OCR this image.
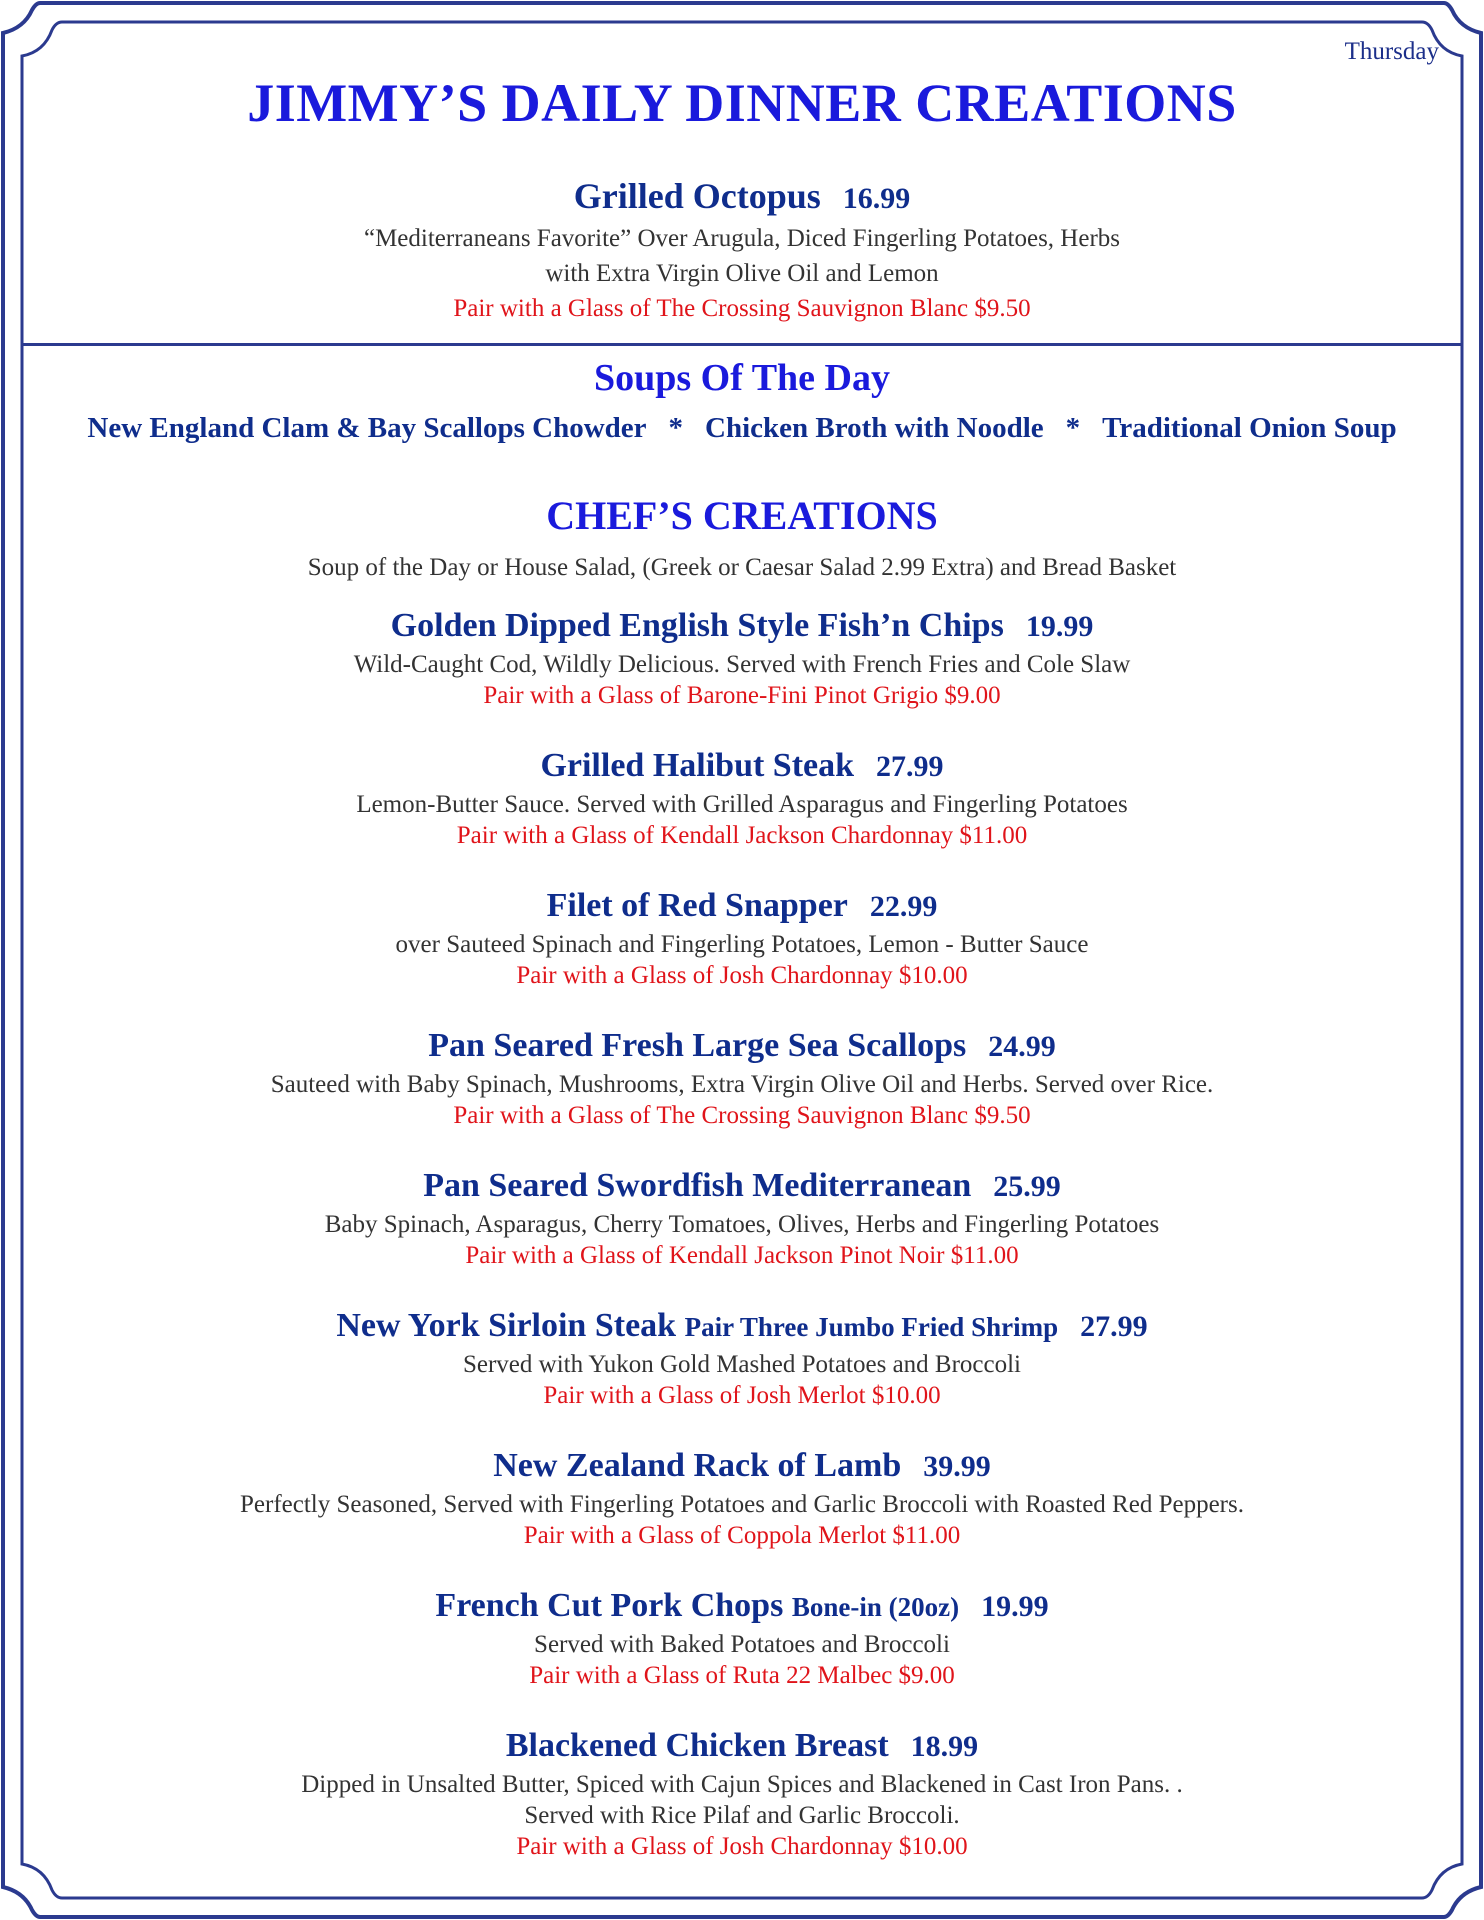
Thursday
JIMMY’S DAILY DINNER CREATIONS
Grilled Octopus 16.99
“Mediterraneans Favorite” Over Arugula, Diced Fingerling Potatoes, Herbs
with Extra Virgin Olive Oil and Lemon
Pair with a Glass of The Crossing Sauvignon Blanc $9.50
Soups Of The Day
New England Clam & Bay Scallops Chowder * Chicken Broth with Noodle * Traditional Onion Soup
CHEF’S CREATIONS
Soup of the Day or House Salad, (Greek or Caesar Salad 2.99 Extra) and Bread Basket
Golden Dipped English Style Fish’n Chips 19.99
Wild-Caught Cod, Wildly Delicious. Served with French Fries and Cole Slaw
Pair with a Glass of Barone-Fini Pinot Grigio $9.00
Grilled Halibut Steak 27.99
Lemon-Butter Sauce. Served with Grilled Asparagus and Fingerling Potatoes
Pair with a Glass of Kendall Jackson Chardonnay $11.00
Filet of Red Snapper 22.99
over Sauteed Spinach and Fingerling Potatoes, Lemon - Butter Sauce
Pair with a Glass of Josh Chardonnay $10.00
Pan Seared Fresh Large Sea Scallops 24.99
Sauteed with Baby Spinach, Mushrooms, Extra Virgin Olive Oil and Herbs. Served over Rice.
Pair with a Glass of The Crossing Sauvignon Blanc $9.50
Pan Seared Swordfish Mediterranean 25.99
Baby Spinach, Asparagus, Cherry Tomatoes, Olives, Herbs and Fingerling Potatoes
Pair with a Glass of Kendall Jackson Pinot Noir $11.00
New York Sirloin Steak Pair Three Jumbo Fried Shrimp 27.99
Served with Yukon Gold Mashed Potatoes and Broccoli
Pair with a Glass of Josh Merlot $10.00
New Zealand Rack of Lamb 39.99
Perfectly Seasoned, Served with Fingerling Potatoes and Garlic Broccoli with Roasted Red Peppers.
Pair with a Glass of Coppola Merlot $11.00
French Cut Pork Chops Bone-in (20oz) 19.99
Served with Baked Potatoes and Broccoli
Pair with a Glass of Ruta 22 Malbec $9.00
Blackened Chicken Breast 18.99
Dipped in Unsalted Butter, Spiced with Cajun Spices and Blackened in Cast Iron Pans. .
Served with Rice Pilaf and Garlic Broccoli.
Pair with a Glass of Josh Chardonnay $10.00
